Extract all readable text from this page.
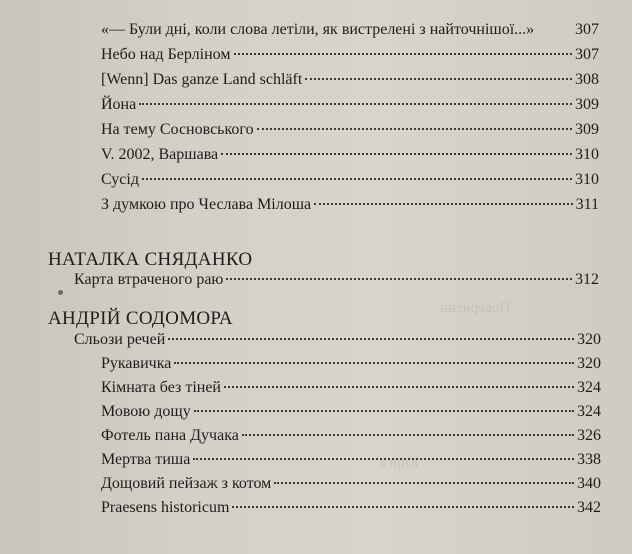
Поверненн
Книга
«— Були дні, коли слова летіли, як вистрелені з найточнішої...»	307
Небо над Берліном	307
[Wenn] Das ganze Land schläft	308
Йона	309
На тему Сосновського	309
V. 2002, Варшава	310
Сусід	310
З думкою про Чеслава Мілоша	311
НАТАЛКА СНЯДАНКО
Карта втраченого раю	312
АНДРІЙ СОДОМОРА
Сльози речей	320
Рукавичка	320
Кімната без тіней	324
Мовою дощу	324
Фотель пана Дучака	326
Мертва тиша	338
Дощовий пейзаж з котом	340
Praesens historicum	342
